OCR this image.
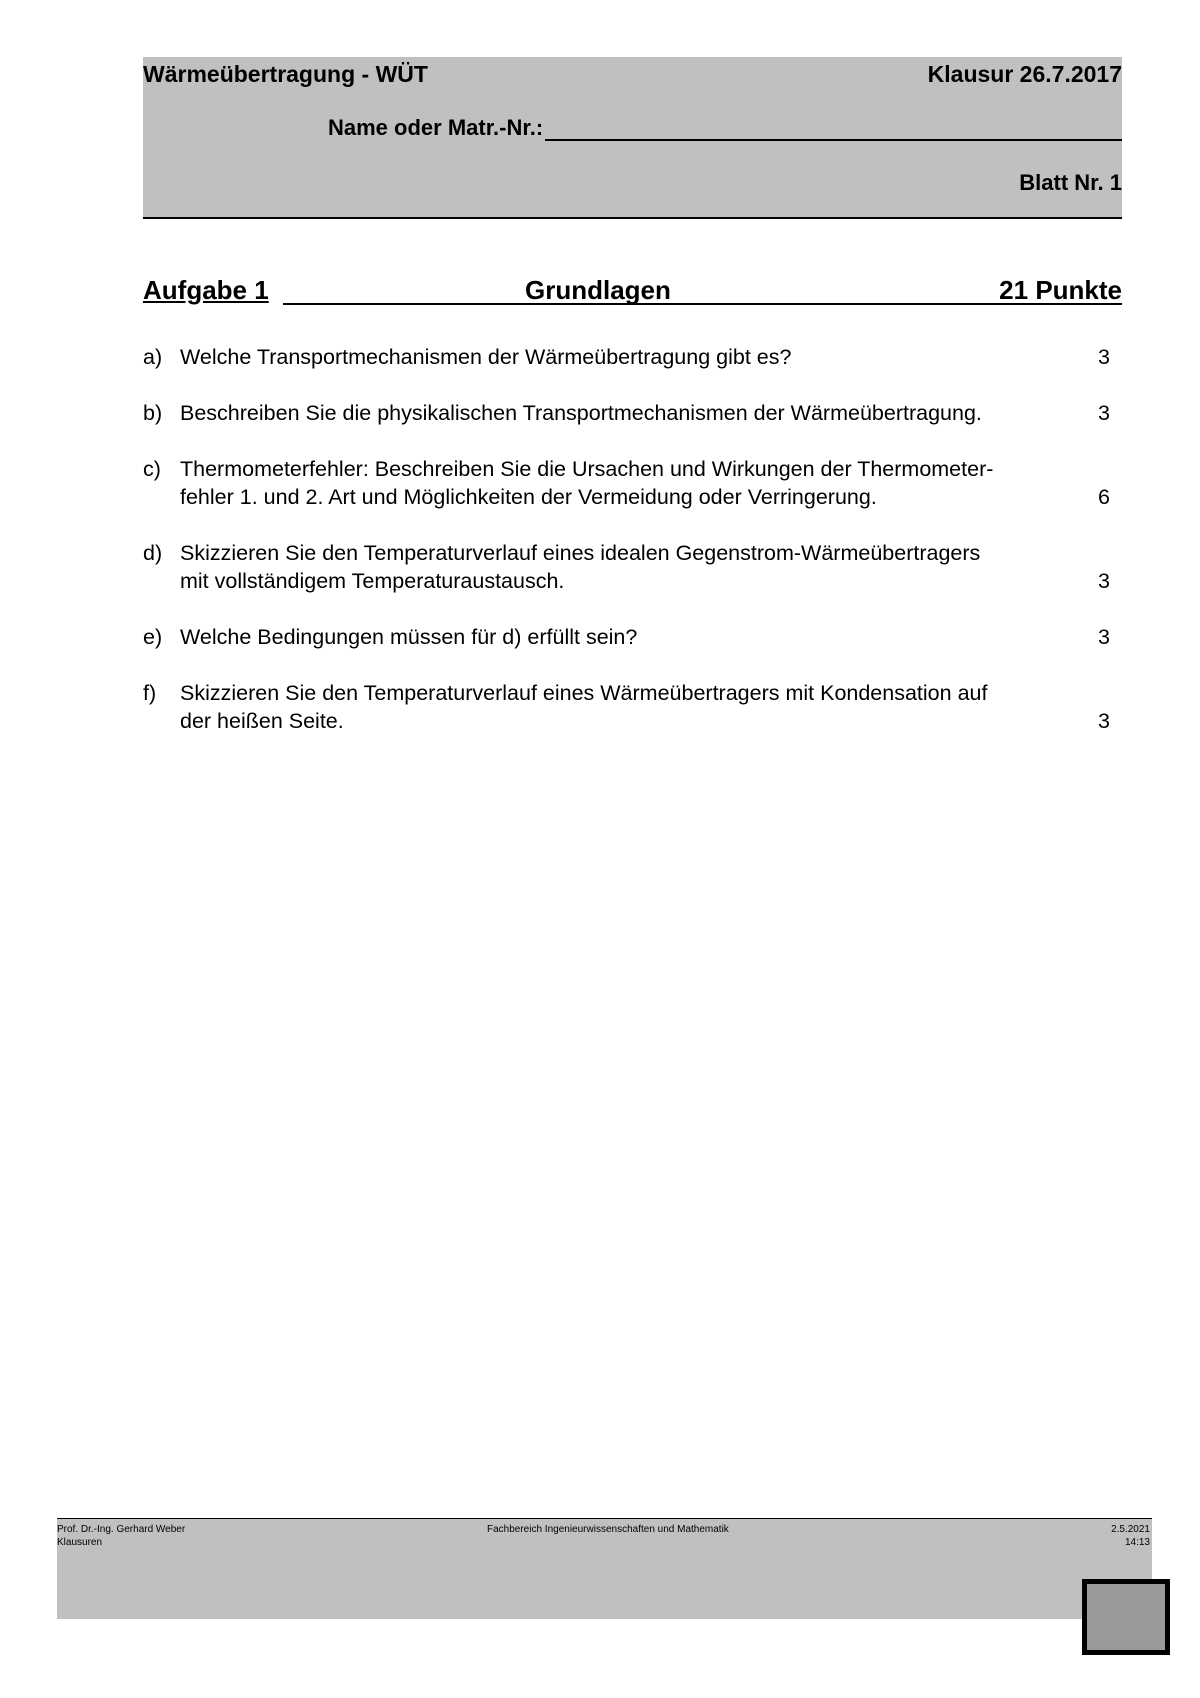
Wärmeübertragung - WÜT	Klausur 26.7.2017
Name oder Matr.-Nr.:
Blatt Nr. 1
Aufgabe 1	Grundlagen	21 Punkte
a) Welche Transportmechanismen der Wärmeübertragung gibt es?	3
b) Beschreiben Sie die physikalischen Transportmechanismen der Wärmeübertragung.	3
c) Thermometerfehler: Beschreiben Sie die Ursachen und Wirkungen der Thermometer-
fehler 1. und 2. Art und Möglichkeiten der Vermeidung oder Verringerung.	6
d) Skizzieren Sie den Temperaturverlauf eines idealen Gegenstrom-Wärmeübertragers
mit vollständigem Temperaturaustausch.	3
e) Welche Bedingungen müssen für d) erfüllt sein?	3
f) Skizzieren Sie den Temperaturverlauf eines Wärmeübertragers mit Kondensation auf
der heißen Seite.	3
Prof. Dr.-Ing. Gerhard Weber
Klausuren
Fachbereich Ingenieurwissenschaften und Mathematik	2.5.2021
14:13
